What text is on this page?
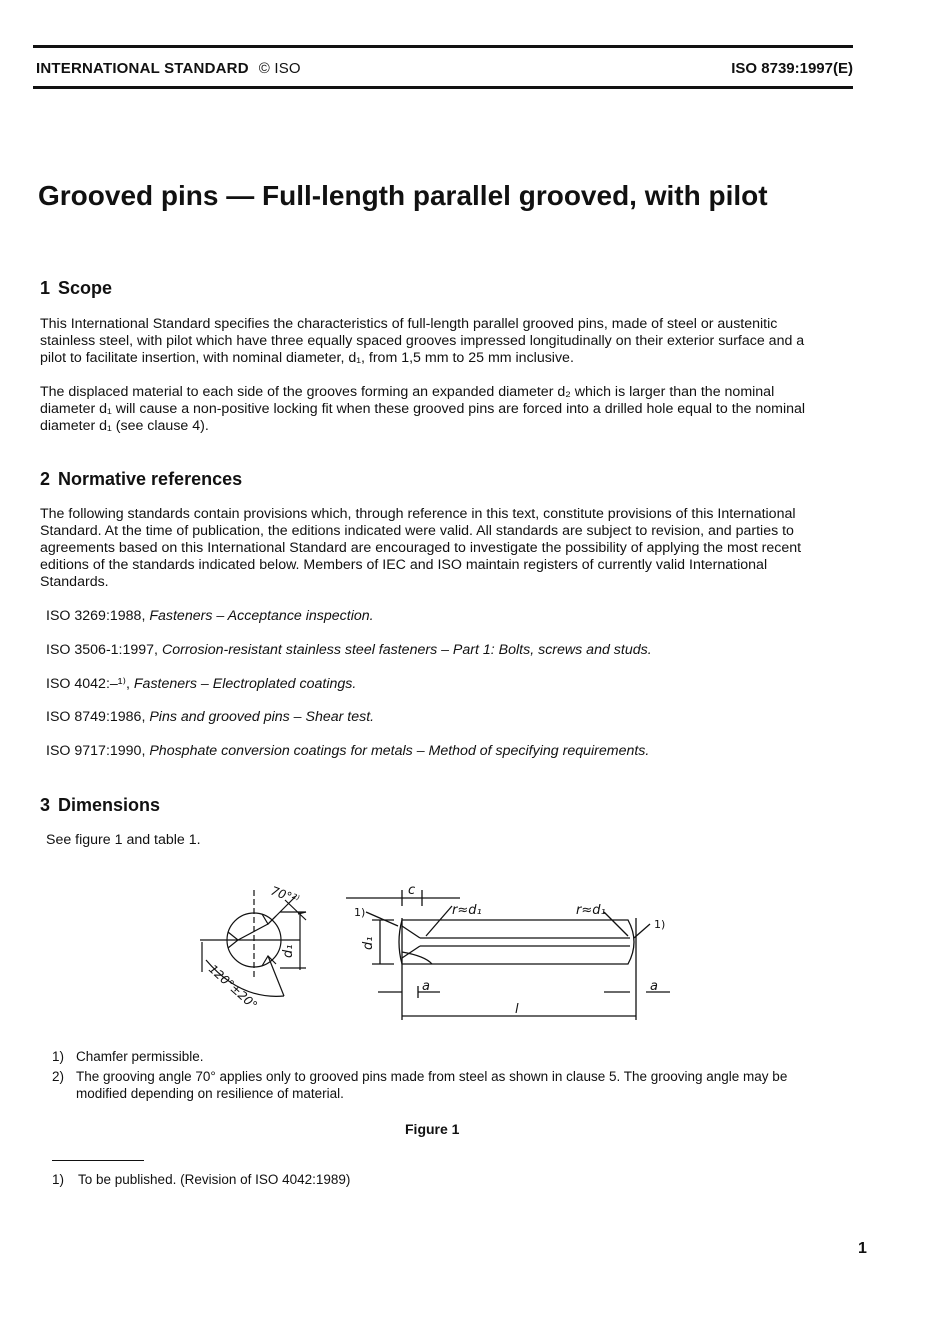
INTERNATIONAL STANDARD © ISO	ISO 8739:1997(E)
Grooved pins — Full-length parallel grooved, with pilot
1 Scope

This International Standard specifies the characteristics of full-length parallel grooved pins, made of steel or austenitic stainless steel, with pilot which have three equally spaced grooves impressed longitudinally on their exterior surface and a pilot to facilitate insertion, with nominal diameter, d₁, from 1,5 mm to 25 mm inclusive.

The displaced material to each side of the grooves forming an expanded diameter d₂ which is larger than the nominal diameter d₁ will cause a non-positive locking fit when these grooved pins are forced into a drilled hole equal to the nominal diameter d₁ (see clause 4).

2 Normative references

The following standards contain provisions which, through reference in this text, constitute provisions of this International Standard. At the time of publication, the editions indicated were valid. All standards are subject to revision, and parties to agreements based on this International Standard are encouraged to investigate the possibility of applying the most recent editions of the standards indicated below. Members of IEC and ISO maintain registers of currently valid International Standards.

ISO 3269:1988, Fasteners – Acceptance inspection.

ISO 3506-1:1997, Corrosion-resistant stainless steel fasteners – Part 1: Bolts, screws and studs.

ISO 4042:–¹⁾, Fasteners – Electroplated coatings.

ISO 8749:1986, Pins and grooved pins – Shear test.

ISO 9717:1990, Phosphate conversion coatings for metals – Method of specifying requirements.

3 Dimensions

See figure 1 and table 1.

70°²⁾
120°±20°
d₁
c
r≈d₁	r≈d₁
1)
1)
d₁
a	a
l
1) Chamfer permissible.
2) The grooving angle 70° applies only to grooved pins made from steel as shown in clause 5. The grooving angle may be modified depending on resilience of material.
Figure 1
1) To be published. (Revision of ISO 4042:1989)
1
